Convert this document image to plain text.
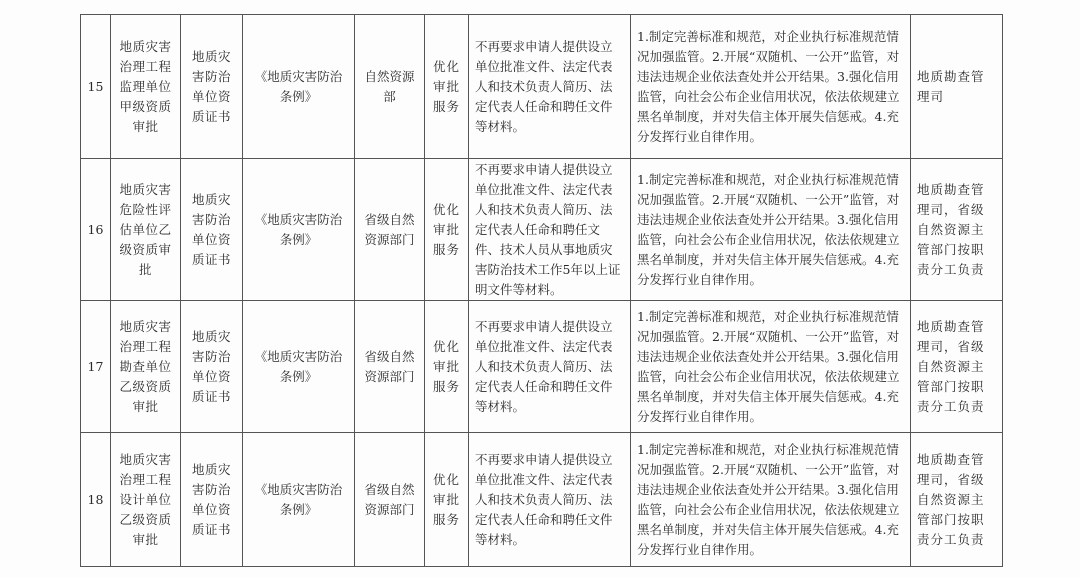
15	地质灾害治理工程监理单位甲级资质审批	地质灾害防治单位资质证书	《地质灾害防治条例》	自然资源部	优化审批服务	不再要求申请人提供设立单位批准文件、法定代表人和技术负责人简历、法定代表人任命和聘任文件等材料。	1.制定完善标准和规范，对企业执行标准规范情况加强监管。2.开展“双随机、一公开”监管，对违法违规企业依法查处并公开结果。3.强化信用监管，向社会公布企业信用状况，依法依规建立黑名单制度，并对失信主体开展失信惩戒。4.充分发挥行业自律作用。	地质勘查管理司
16	地质灾害危险性评估单位乙级资质审批	地质灾害防治单位资质证书	《地质灾害防治条例》	省级自然资源部门	优化审批服务	不再要求申请人提供设立单位批准文件、法定代表人和技术负责人简历、法定代表人任命和聘任文件、技术人员从事地质灾害防治技术工作5年以上证明文件等材料。	1.制定完善标准和规范，对企业执行标准规范情况加强监管。2.开展“双随机、一公开”监管，对违法违规企业依法查处并公开结果。3.强化信用监管，向社会公布企业信用状况，依法依规建立黑名单制度，并对失信主体开展失信惩戒。4.充分发挥行业自律作用。	地质勘查管理司，省级自然资源主管部门按职责分工负责
17	地质灾害治理工程勘查单位乙级资质审批	地质灾害防治单位资质证书	《地质灾害防治条例》	省级自然资源部门	优化审批服务	不再要求申请人提供设立单位批准文件、法定代表人和技术负责人简历、法定代表人任命和聘任文件等材料。	1.制定完善标准和规范，对企业执行标准规范情况加强监管。2.开展“双随机、一公开”监管，对违法违规企业依法查处并公开结果。3.强化信用监管，向社会公布企业信用状况，依法依规建立黑名单制度，并对失信主体开展失信惩戒。4.充分发挥行业自律作用。	地质勘查管理司，省级自然资源主管部门按职责分工负责
18	地质灾害治理工程设计单位乙级资质审批	地质灾害防治单位资质证书	《地质灾害防治条例》	省级自然资源部门	优化审批服务	不再要求申请人提供设立单位批准文件、法定代表人和技术负责人简历、法定代表人任命和聘任文件等材料。	1.制定完善标准和规范，对企业执行标准规范情况加强监管。2.开展“双随机、一公开”监管，对违法违规企业依法查处并公开结果。3.强化信用监管，向社会公布企业信用状况，依法依规建立黑名单制度，并对失信主体开展失信惩戒。4.充分发挥行业自律作用。	地质勘查管理司，省级自然资源主管部门按职责分工负责
